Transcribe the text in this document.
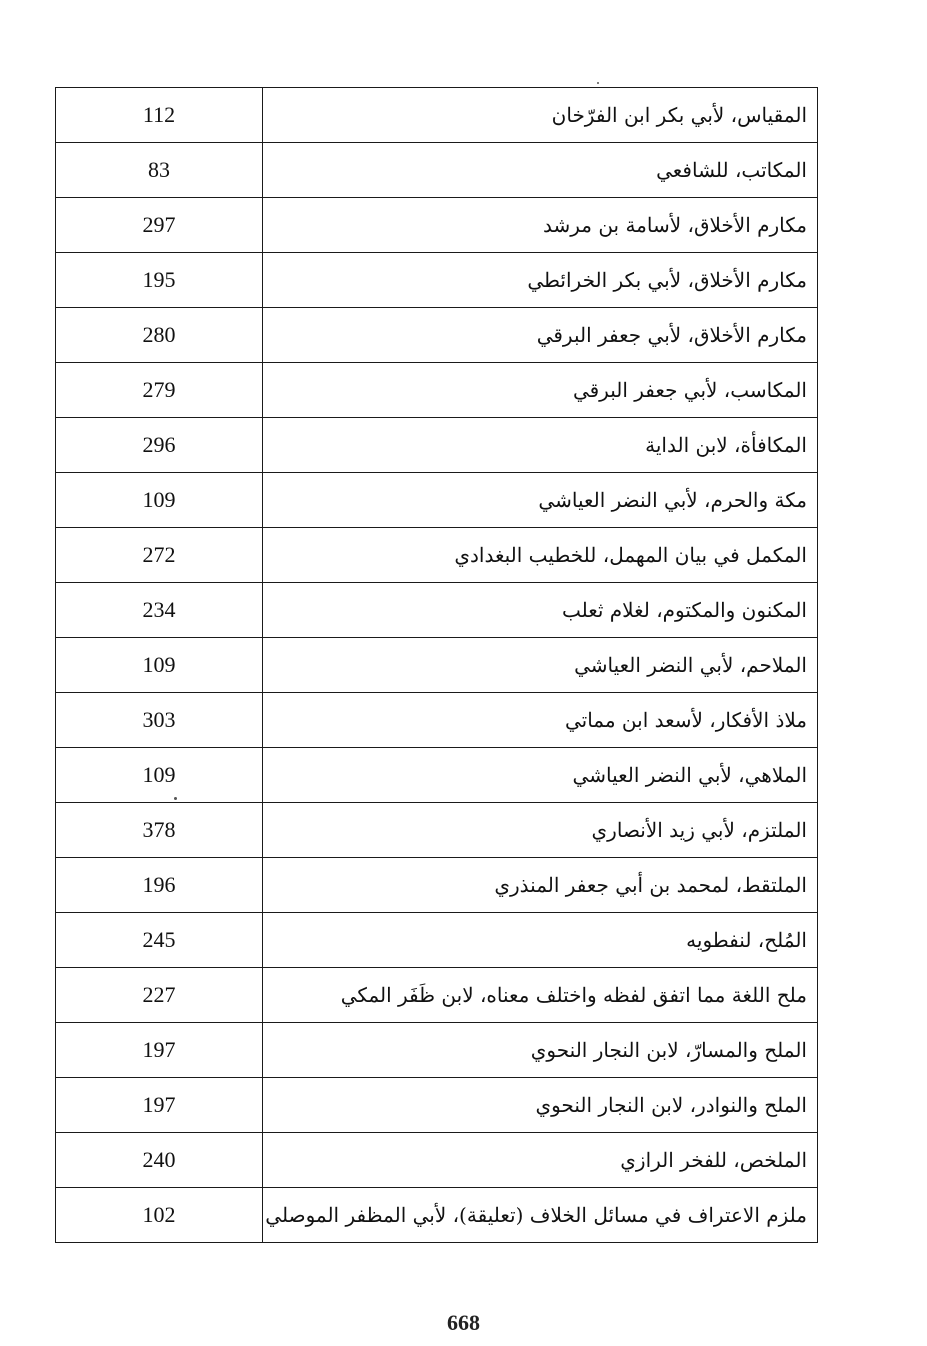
المقياس، لأبي بكر ابن الفرّخان	112
المكاتب، للشافعي	83
مكارم الأخلاق، لأسامة بن مرشد	297
مكارم الأخلاق، لأبي بكر الخرائطي	195
مكارم الأخلاق، لأبي جعفر البرقي	280
المكاسب، لأبي جعفر البرقي	279
المكافأة، لابن الداية	296
مكة والحرم، لأبي النضر العياشي	109
المكمل في بيان المهمل، للخطيب البغدادي	272
المكنون والمكتوم، لغلام ثعلب	234
الملاحم، لأبي النضر العياشي	109
ملاذ الأفكار، لأسعد ابن مماتي	303
الملاهي، لأبي النضر العياشي	109
الملتزم، لأبي زيد الأنصاري	378
الملتقط، لمحمد بن أبي جعفر المنذري	196
المُلح، لنفطويه	245
ملح اللغة مما اتفق لفظه واختلف معناه، لابن ظَفَر المكي	227
الملح والمسارّ، لابن النجار النحوي	197
الملح والنوادر، لابن النجار النحوي	197
الملخص، للفخر الرازي	240
ملزم الاعتراف في مسائل الخلاف (تعليقة)، لأبي المظفر الموصلي	102
668
